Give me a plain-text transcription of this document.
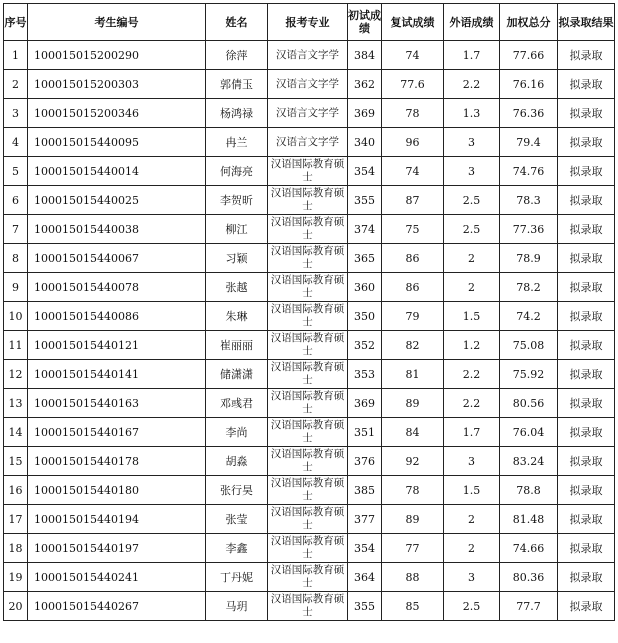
序号	考生编号	姓名	报考专业	初试成绩	复试成绩	外语成绩	加权总分	拟录取结果
1	100015015200290	徐萍	汉语言文字学	384	74	1.7	77.66	拟录取
2	100015015200303	郭倩玉	汉语言文字学	362	77.6	2.2	76.16	拟录取
3	100015015200346	杨鸿禄	汉语言文字学	369	78	1.3	76.36	拟录取
4	100015015440095	冉兰	汉语言文字学	340	96	3	79.4	拟录取
5	100015015440014	何海亮	汉语国际教育硕士	354	74	3	74.76	拟录取
6	100015015440025	李贺昕	汉语国际教育硕士	355	87	2.5	78.3	拟录取
7	100015015440038	柳江	汉语国际教育硕士	374	75	2.5	77.36	拟录取
8	100015015440067	习颖	汉语国际教育硕士	365	86	2	78.9	拟录取
9	100015015440078	张越	汉语国际教育硕士	360	86	2	78.2	拟录取
10	100015015440086	朱琳	汉语国际教育硕士	350	79	1.5	74.2	拟录取
11	100015015440121	崔丽丽	汉语国际教育硕士	352	82	1.2	75.08	拟录取
12	100015015440141	储潇潇	汉语国际教育硕士	353	81	2.2	75.92	拟录取
13	100015015440163	邓彧君	汉语国际教育硕士	369	89	2.2	80.56	拟录取
14	100015015440167	李尚	汉语国际教育硕士	351	84	1.7	76.04	拟录取
15	100015015440178	胡淼	汉语国际教育硕士	376	92	3	83.24	拟录取
16	100015015440180	张行昊	汉语国际教育硕士	385	78	1.5	78.8	拟录取
17	100015015440194	张莹	汉语国际教育硕士	377	89	2	81.48	拟录取
18	100015015440197	李鑫	汉语国际教育硕士	354	77	2	74.66	拟录取
19	100015015440241	丁丹妮	汉语国际教育硕士	364	88	3	80.36	拟录取
20	100015015440267	马玥	汉语国际教育硕士	355	85	2.5	77.7	拟录取
